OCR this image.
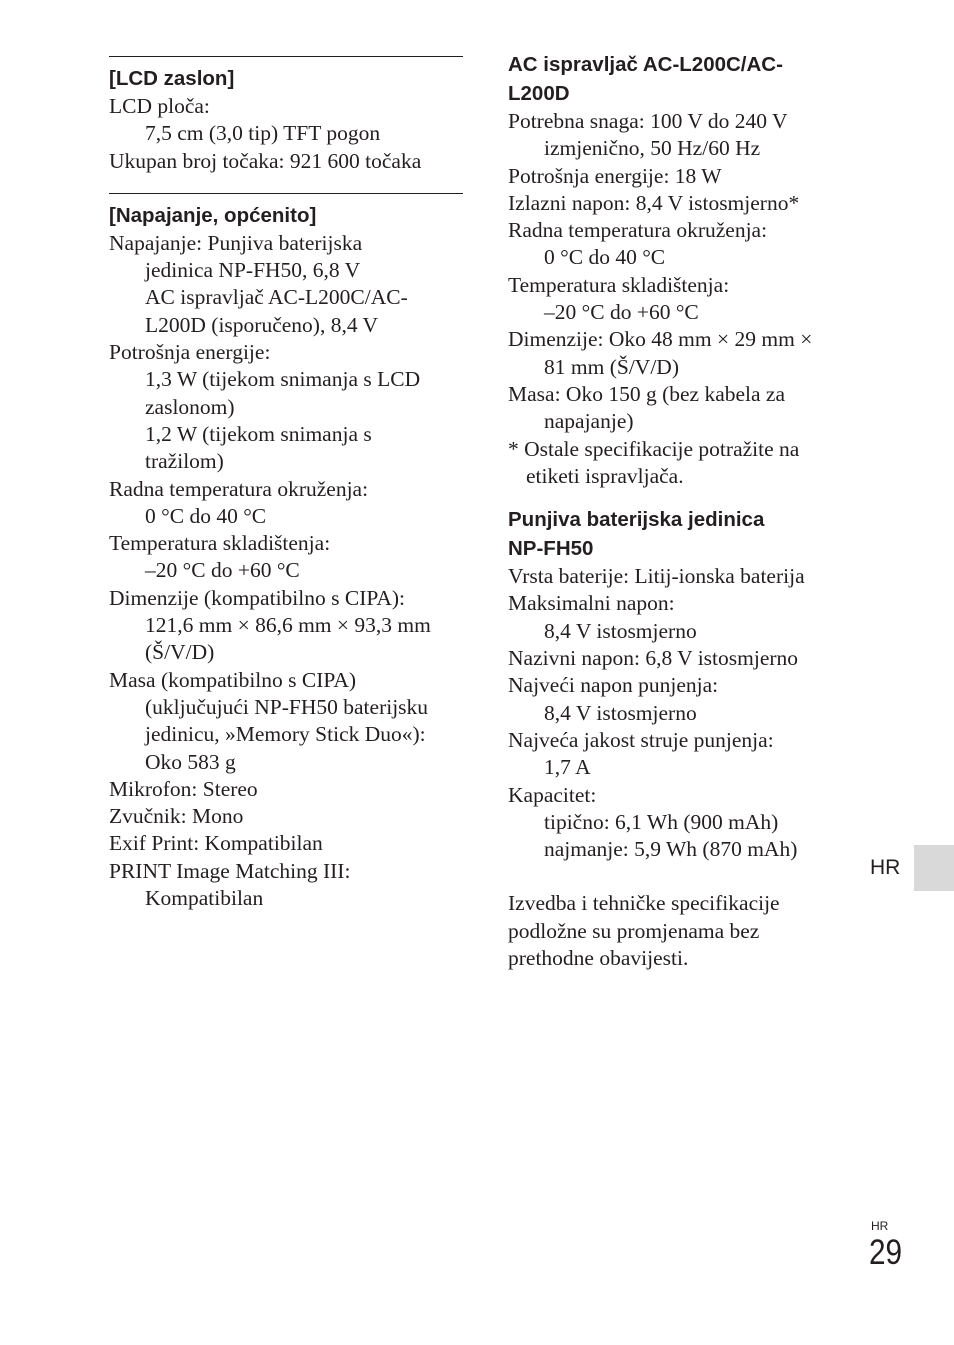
[LCD zaslon]
LCD ploča:
7,5 cm (3,0 tip) TFT pogon
Ukupan broj točaka: 921 600 točaka
[Napajanje, općenito]
Napajanje: Punjiva baterijska
jedinica NP-FH50, 6,8 V
AC ispravljač AC-L200C/AC-
L200D (isporučeno), 8,4 V
Potrošnja energije:
1,3 W (tijekom snimanja s LCD
zaslonom)
1,2 W (tijekom snimanja s
tražilom)
Radna temperatura okruženja:
0 °C do 40 °C
Temperatura skladištenja:
–20 °C do +60 °C
Dimenzije (kompatibilno s CIPA):
121,6 mm × 86,6 mm × 93,3 mm
(Š/V/D)
Masa (kompatibilno s CIPA)
(uključujući NP-FH50 baterijsku
jedinicu, »Memory Stick Duo«):
Oko 583 g
Mikrofon: Stereo
Zvučnik: Mono
Exif Print: Kompatibilan
PRINT Image Matching III:
Kompatibilan
AC ispravljač AC-L200C/AC-
L200D
Potrebna snaga: 100 V do 240 V
izmjenično, 50 Hz/60 Hz
Potrošnja energije: 18 W
Izlazni napon: 8,4 V istosmjerno*
Radna temperatura okruženja:
0 °C do 40 °C
Temperatura skladištenja:
–20 °C do +60 °C
Dimenzije: Oko 48 mm × 29 mm ×
81 mm (Š/V/D)
Masa: Oko 150 g (bez kabela za
napajanje)
* Ostale specifikacije potražite na
etiketi ispravljača.
Punjiva baterijska jedinica
NP-FH50
Vrsta baterije: Litij-ionska baterija
Maksimalni napon:
8,4 V istosmjerno
Nazivni napon: 6,8 V istosmjerno
Najveći napon punjenja:
8,4 V istosmjerno
Najveća jakost struje punjenja:
1,7 A
Kapacitet:
tipično: 6,1 Wh (900 mAh)
najmanje: 5,9 Wh (870 mAh)
Izvedba i tehničke specifikacije
podložne su promjenama bez
prethodne obavijesti.
HR
HR
29
